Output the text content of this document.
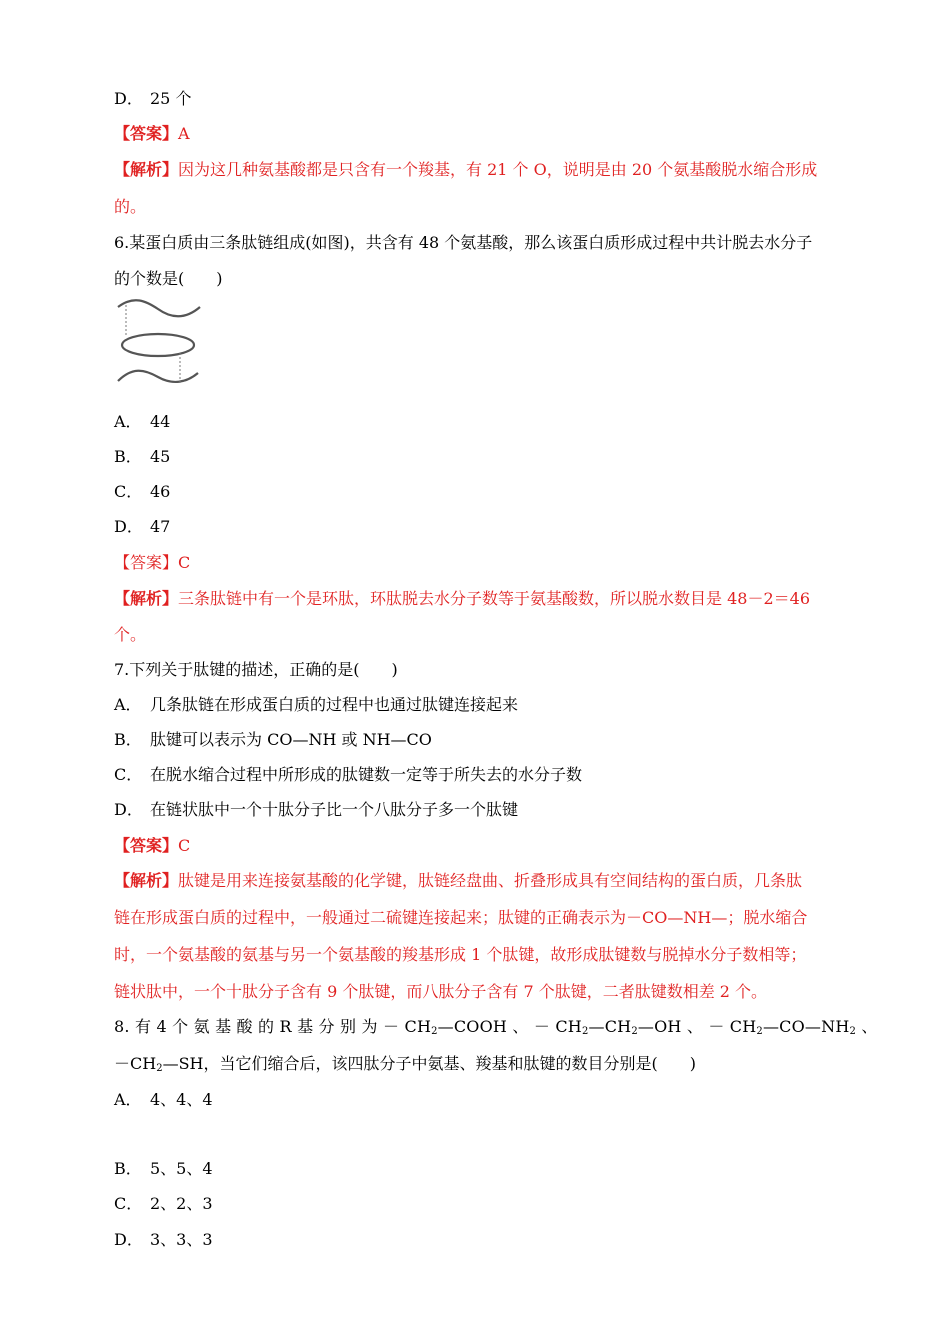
D． 25 个
【答案】A
【解析】因为这几种氨基酸都是只含有一个羧基，有 21 个 O，说明是由 20 个氨基酸脱水缩合形成
的。
6.某蛋白质由三条肽链组成(如图)，共含有 48 个氨基酸，那么该蛋白质形成过程中共计脱去水分子
的个数是(　　)
A． 44
B． 45
C． 46
D． 47
【答案】C
【解析】三条肽链中有一个是环肽，环肽脱去水分子数等于氨基酸数，所以脱水数目是 48－2＝46
个。
7.下列关于肽键的描述，正确的是(　　)
A． 几条肽链在形成蛋白质的过程中也通过肽键连接起来
B． 肽键可以表示为 CO—NH 或 NH—CO
C． 在脱水缩合过程中所形成的肽键数一定等于所失去的水分子数
D． 在链状肽中一个十肽分子比一个八肽分子多一个肽键
【答案】C
【解析】肽键是用来连接氨基酸的化学键，肽链经盘曲、折叠形成具有空间结构的蛋白质，几条肽
链在形成蛋白质的过程中，一般通过二硫键连接起来；肽键的正确表示为－CO—NH—；脱水缩合
时，一个氨基酸的氨基与另一个氨基酸的羧基形成 1 个肽键，故形成肽键数与脱掉水分子数相等；
链状肽中，一个十肽分子含有 9 个肽键，而八肽分子含有 7 个肽键，二者肽键数相差 2 个。
8. 有 4 个 氨 基 酸 的 R 基 分 别 为 － $CH_2—COOH$ 、 － $CH_2—CH_2—OH$ 、 － $CH_2—CO—NH_2$ 、
$-CH_2—SH$，当它们缩合后，该四肽分子中氨基、羧基和肽键的数目分别是(　　)
A． 4、4、4
B． 5、5、4
C． 2、2、3
D． 3、3、3
